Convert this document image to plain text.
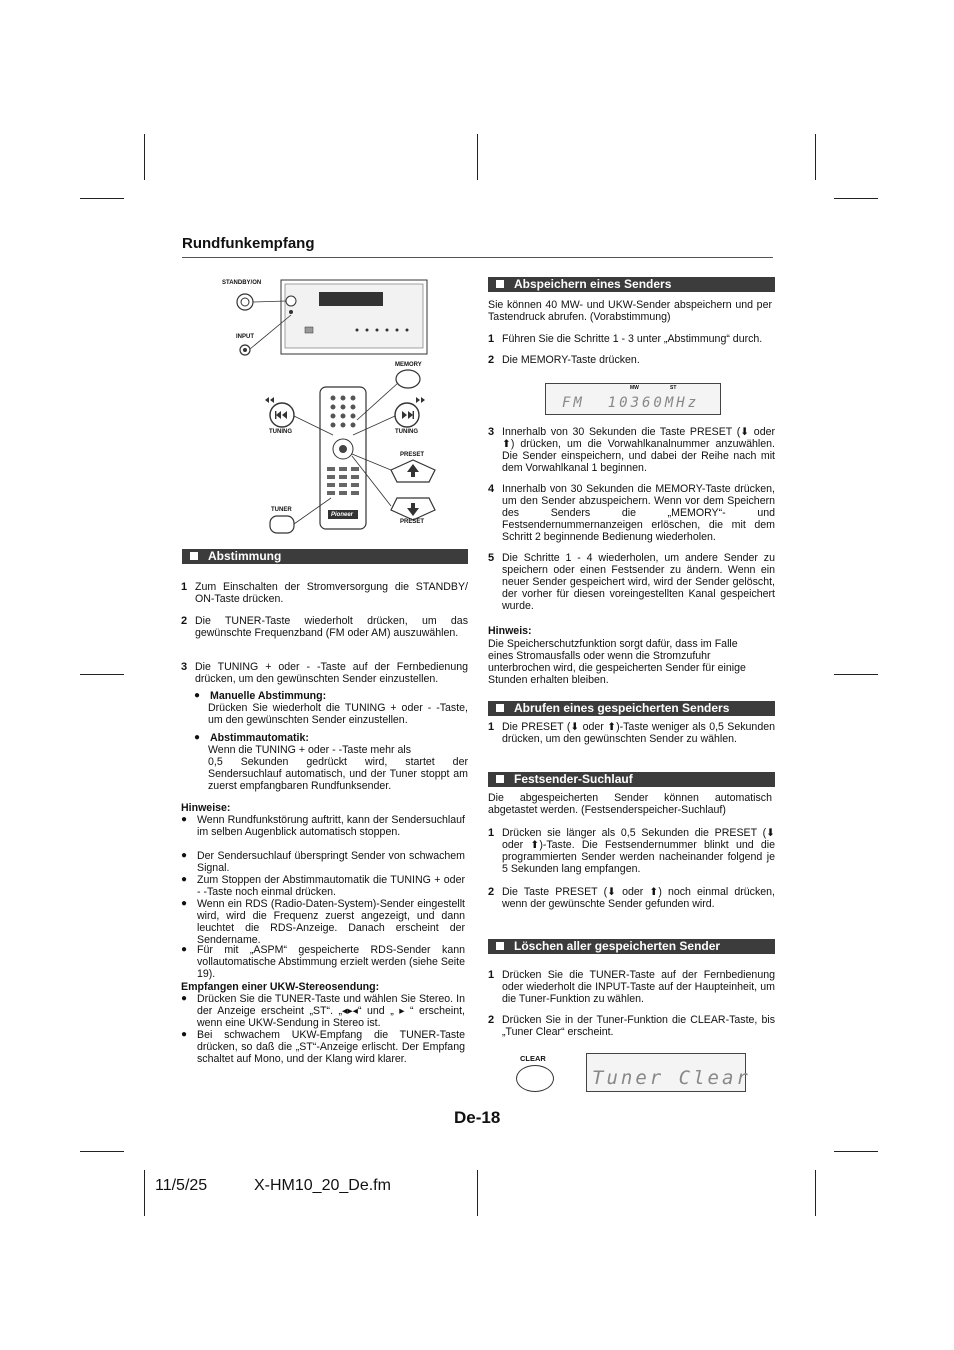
Rundfunkempfang
STANDBY/ON
INPUT
MEMORY
TUNING	TUNING
PRESET
PRESET
TUNER
Pioneer
Abstimmung
1 Zum Einschalten der Stromversorgung die STANDBY/ ON-Taste drücken.
2 Die TUNER-Taste wiederholt drücken, um das gewünschte Frequenzband (FM oder AM) auszuwählen.
3 Die TUNING + oder - -Taste auf der Fernbedienung drücken, um den gewünschten Sender einzustellen.
● Manuelle Abstimmung:
Drücken Sie wiederholt die TUNING + oder - -Taste, um den gewünschten Sender einzustellen.
● Abstimmautomatik:
Wenn die TUNING + oder - -Taste mehr als
0,5 Sekunden gedrückt wird, startet der Sendersuchlauf automatisch, und der Tuner stoppt am zuerst empfangbaren Rundfunksender.
Hinweise:
● Wenn Rundfunkstörung auftritt, kann der Sendersuchlauf im selben Augenblick automatisch stoppen.
● Der Sendersuchlauf überspringt Sender von schwachem Signal.
● Zum Stoppen der Abstimmautomatik die TUNING + oder - -Taste noch einmal drücken.
● Wenn ein RDS (Radio-Daten-System)-Sender eingestellt wird, wird die Frequenz zuerst angezeigt, und dann leuchtet die RDS-Anzeige. Danach erscheint der Sendername.
● Für mit „ASPM“ gespeicherte RDS-Sender kann vollautomatische Abstimmung erzielt werden (siehe Seite 19).
Empfangen einer UKW-Stereosendung:
● Drücken Sie die TUNER-Taste und wählen Sie Stereo. In der Anzeige erscheint „ST“. „◂▸◂“ und „ ▸ “ erscheint, wenn eine UKW-Sendung in Stereo ist.
● Bei schwachem UKW-Empfang die TUNER-Taste drücken, so daß die „ST“-Anzeige erlischt. Der Empfang schaltet auf Mono, und der Klang wird klarer.
Abspeichern eines Senders
Sie können 40 MW- und UKW-Sender abspeichern und per Tastendruck abrufen. (Vorabstimmung)
1 Führen Sie die Schritte 1 - 3 unter „Abstimmung“ durch.
2 Die MEMORY-Taste drücken.
MW	ST
FM  10360MHz
3 Innerhalb von 30 Sekunden die Taste PRESET (⬇ oder ⬆) drücken, um die Vorwahlkanalnummer anzuwählen. Die Sender einspeichern, und dabei der Reihe nach mit dem Vorwahlkanal 1 beginnen.
4 Innerhalb von 30 Sekunden die MEMORY-Taste drücken, um den Sender abzuspeichern. Wenn vor dem Speichern des Senders die „MEMORY“- und Festsendernummernanzeigen erlöschen, die mit dem Schritt 2 beginnende Bedienung wiederholen.
5 Die Schritte 1 - 4 wiederholen, um andere Sender zu speichern oder einen Festsender zu ändern. Wenn ein neuer Sender gespeichert wird, wird der Sender gelöscht, der vorher für diesen voreingestellten Kanal gespeichert wurde.
Hinweis:
Die Speicherschutzfunktion sorgt dafür, dass im Falle eines Stromausfalls oder wenn die Stromzufuhr unterbrochen wird, die gespeicherten Sender für einige Stunden erhalten bleiben.
Abrufen eines gespeicherten Senders
1 Die PRESET (⬇ oder ⬆)-Taste weniger als 0,5 Sekunden drücken, um den gewünschten Sender zu wählen.
Festsender-Suchlauf
Die abgespeicherten Sender können automatisch abgetastet werden. (Festsenderspeicher-Suchlauf)
1 Drücken sie länger als 0,5 Sekunden die PRESET (⬇ oder ⬆)-Taste. Die Festsendernummer blinkt und die programmierten Sender werden nacheinander folgend je 5 Sekunden lang empfangen.
2 Die Taste PRESET (⬇ oder ⬆) noch einmal drücken, wenn der gewünschte Sender gefunden wird.
Löschen aller gespeicherten Sender
1 Drücken Sie die TUNER-Taste auf der Fernbedienung oder wiederholt die INPUT-Taste auf der Haupteinheit, um die Tuner-Funktion zu wählen.
2 Drücken Sie in der Tuner-Funktion die CLEAR-Taste, bis „Tuner Clear“ erscheint.
CLEAR
Tuner Clear
De-18
11/5/25	X-HM10_20_De.fm
